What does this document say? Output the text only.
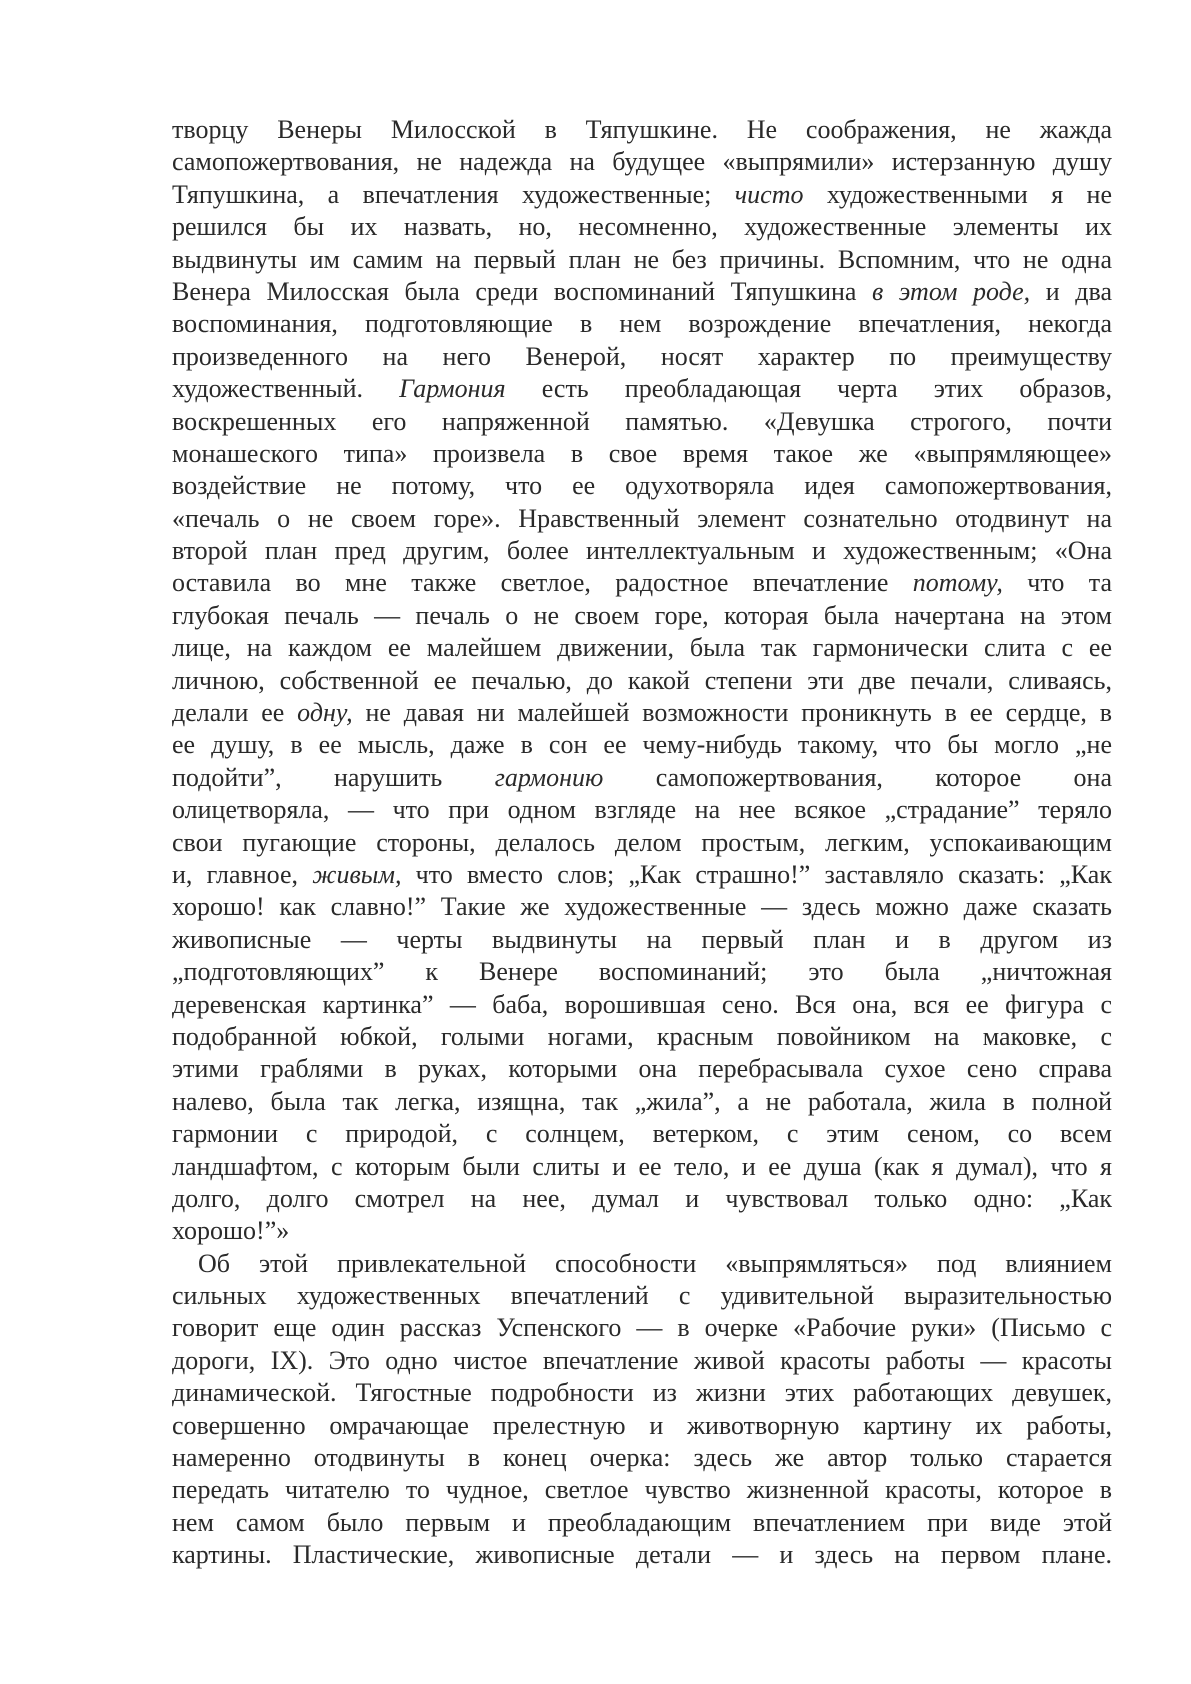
творцу Венеры Милосской в Тяпушкине. Не соображения, не жажда
самопожертвования, не надежда на будущее «выпрямили» истерзанную душу
Тяпушкина, а впечатления художественные; чисто художественными я не
решился бы их назвать, но, несомненно, художественные элементы их
выдвинуты им самим на первый план не без причины. Вспомним, что не одна
Венера Милосская была среди воспоминаний Тяпушкина в этом роде, и два
воспоминания, подготовляющие в нем возрождение впечатления, некогда
произведенного на него Венерой, носят характер по преимуществу
художественный. Гармония есть преобладающая черта этих образов,
воскрешенных его напряженной памятью. «Девушка строгого, почти
монашеского типа» произвела в свое время такое же «выпрямляющее»
воздействие не потому, что ее одухотворяла идея самопожертвования,
«печаль о не своем горе». Нравственный элемент сознательно отодвинут на
второй план пред другим, более интеллектуальным и художественным; «Она
оставила во мне также светлое, радостное впечатление потому, что та
глубокая печаль — печаль о не своем горе, которая была начертана на этом
лице, на каждом ее малейшем движении, была так гармонически слита с ее
личною, собственной ее печалью, до какой степени эти две печали, сливаясь,
делали ее одну, не давая ни малейшей возможности проникнуть в ее сердце, в
ее душу, в ее мысль, даже в сон ее чему-нибудь такому, что бы могло „не
подойти”, нарушить гармонию самопожертвования, которое она
олицетворяла, — что при одном взгляде на нее всякое „страдание” теряло
свои пугающие стороны, делалось делом простым, легким, успокаивающим
и, главное, живым, что вместо слов; „Как страшно!” заставляло сказать: „Как
хорошо! как славно!” Такие же художественные — здесь можно даже сказать
живописные — черты выдвинуты на первый план и в другом из
„подготовляющих” к Венере воспоминаний; это была „ничтожная
деревенская картинка” — баба, ворошившая сено. Вся она, вся ее фигура с
подобранной юбкой, голыми ногами, красным повойником на маковке, с
этими граблями в руках, которыми она перебрасывала сухое сено справа
налево, была так легка, изящна, так „жила”, а не работала, жила в полной
гармонии с природой, с солнцем, ветерком, с этим сеном, со всем
ландшафтом, с которым были слиты и ее тело, и ее душа (как я думал), что я
долго, долго смотрел на нее, думал и чувствовал только одно: „Как
хорошо!”»
Об этой привлекательной способности «выпрямляться» под влиянием
сильных художественных впечатлений с удивительной выразительностью
говорит еще один рассказ Успенского — в очерке «Рабочие руки» (Письмо с
дороги, IX). Это одно чистое впечатление живой красоты работы — красоты
динамической. Тягостные подробности из жизни этих работающих девушек,
совершенно омрачающае прелестную и животворную картину их работы,
намеренно отодвинуты в конец очерка: здесь же автор только старается
передать читателю то чудное, светлое чувство жизненной красоты, которое в
нем самом было первым и преобладающим впечатлением при виде этой
картины. Пластические, живописные детали — и здесь на первом плане.
